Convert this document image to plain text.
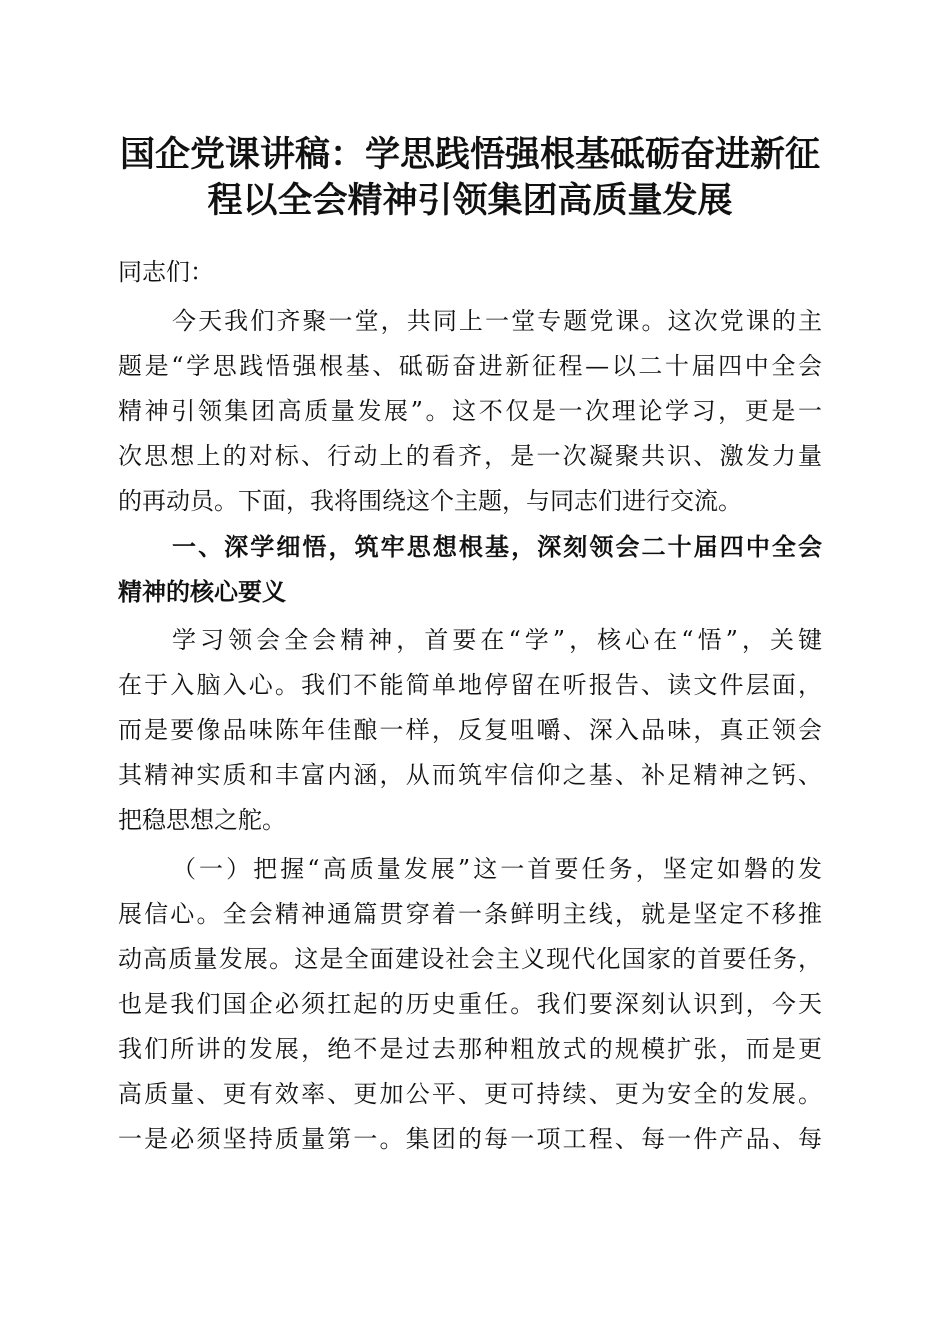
国企党课讲稿：学思践悟强根基砥砺奋进新征
程以全会精神引领集团高质量发展
同志们：
今天我们齐聚一堂，共同上一堂专题党课。这次党课的主
题是“学思践悟强根基、砥砺奋进新征程—以二十届四中全会
精神引领集团高质量发展”。这不仅是一次理论学习，更是一
次思想上的对标、行动上的看齐，是一次凝聚共识、激发力量
的再动员。下面，我将围绕这个主题，与同志们进行交流。
一、深学细悟，筑牢思想根基，深刻领会二十届四中全会
精神的核心要义
学习领会全会精神，首要在“学”，核心在“悟”，关键
在于入脑入心。我们不能简单地停留在听报告、读文件层面，
而是要像品味陈年佳酿一样，反复咀嚼、深入品味，真正领会
其精神实质和丰富内涵，从而筑牢信仰之基、补足精神之钙、
把稳思想之舵。
（一）把握“高质量发展”这一首要任务，坚定如磐的发
展信心。全会精神通篇贯穿着一条鲜明主线，就是坚定不移推
动高质量发展。这是全面建设社会主义现代化国家的首要任务，
也是我们国企必须扛起的历史重任。我们要深刻认识到，今天
我们所讲的发展，绝不是过去那种粗放式的规模扩张，而是更
高质量、更有效率、更加公平、更可持续、更为安全的发展。
一是必须坚持质量第一。集团的每一项工程、每一件产品、每
